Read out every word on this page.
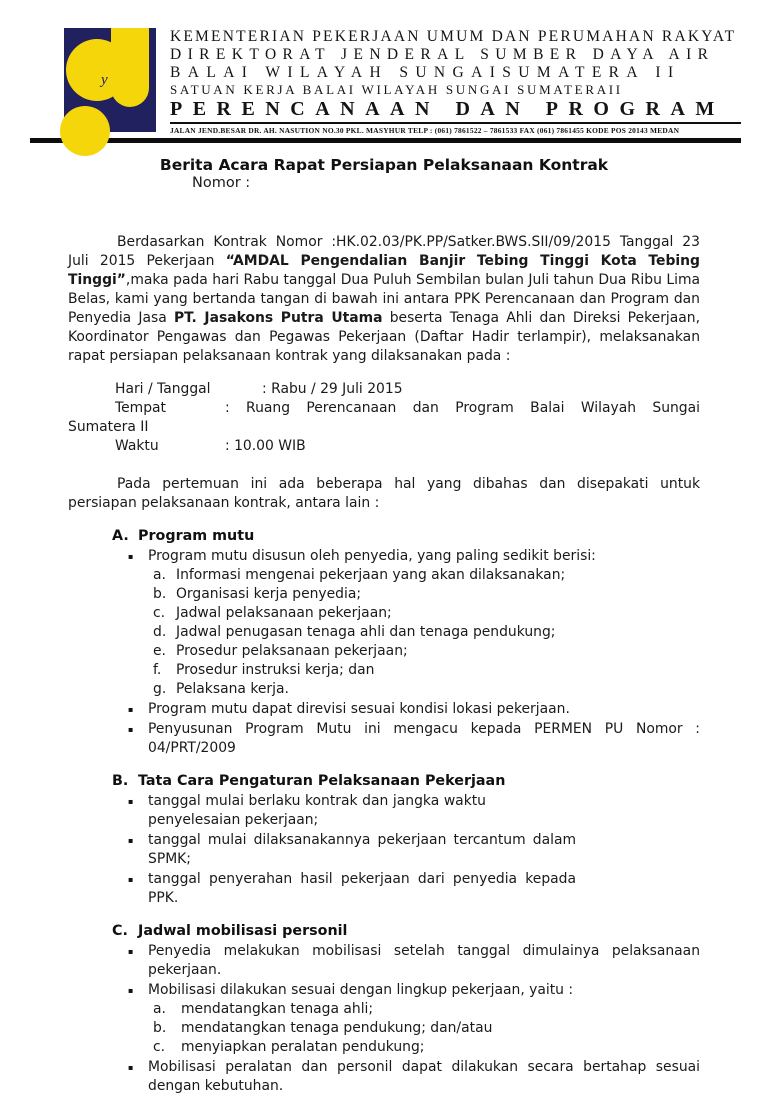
y
KEMENTERIAN PEKERJAAN UMUM DAN PERUMAHAN RAKYAT
DIREKTORAT JENDERAL SUMBER DAYA AIR
BALAI WILAYAH SUNGAISUMATERA II
SATUAN KERJA BALAI WILAYAH SUNGAI SUMATERAII
PERENCANAAN DAN PROGRAM
JALAN JEND.BESAR DR. AH. NASUTION NO.30 PKL. MASYHUR TELP : (061) 7861522 – 7861533 FAX (061) 7861455 KODE POS 20143 MEDAN
Berita Acara Rapat Persiapan Pelaksanaan Kontrak
Nomor :

Berdasarkan Kontrak Nomor :HK.02.03/PK.PP/Satker.BWS.SII/09/2015 Tanggal 23 Juli 2015 Pekerjaan “AMDAL Pengendalian Banjir Tebing Tinggi Kota Tebing Tinggi”,maka pada hari Rabu tanggal Dua Puluh Sembilan bulan Juli tahun Dua Ribu Lima Belas, kami yang bertanda tangan di bawah ini antara PPK Perencanaan dan Program dan Penyedia Jasa PT. Jasakons Putra Utama beserta Tenaga Ahli dan Direksi Pekerjaan, Koordinator Pengawas dan Pegawas Pekerjaan (Daftar Hadir terlampir), melaksanakan rapat persiapan pelaksanaan kontrak yang dilaksanakan pada :

Hari / Tanggal	: Rabu / 29 Juli 2015
Tempat	: Ruang Perencanaan dan Program Balai Wilayah Sungai
Sumatera II
Waktu	: 10.00 WIB

Pada pertemuan ini ada beberapa hal yang dibahas dan disepakati untuk persiapan pelaksanaan kontrak, antara lain :

A. Program mutu
▪
Program mutu disusun oleh penyedia, yang paling sedikit berisi:
a. Informasi mengenai pekerjaan yang akan dilaksanakan;
b. Organisasi kerja penyedia;
c. Jadwal pelaksanaan pekerjaan;
d. Jadwal penugasan tenaga ahli dan tenaga pendukung;
e. Prosedur pelaksanaan pekerjaan;
f.	Prosedur instruksi kerja; dan
g. Pelaksana kerja.
▪
Program mutu dapat direvisi sesuai kondisi lokasi pekerjaan.
▪
Penyusunan Program Mutu ini mengacu kepada PERMEN PU Nomor : 04/PRT/2009
B. Tata Cara Pengaturan Pelaksanaan Pekerjaan
▪
tanggal mulai berlaku kontrak dan jangka waktu penyelesaian pekerjaan;
▪
tanggal mulai dilaksanakannya pekerjaan tercantum dalam SPMK;
▪
tanggal penyerahan hasil pekerjaan dari penyedia kepada PPK.
C. Jadwal mobilisasi personil
▪
Penyedia melakukan mobilisasi setelah tanggal dimulainya pelaksanaan pekerjaan.
▪
Mobilisasi dilakukan sesuai dengan lingkup pekerjaan, yaitu :
a.	mendatangkan tenaga ahli;
b.	mendatangkan tenaga pendukung; dan/atau
c.	menyiapkan peralatan pendukung;
▪
Mobilisasi peralatan dan personil dapat dilakukan secara bertahap sesuai dengan kebutuhan.
